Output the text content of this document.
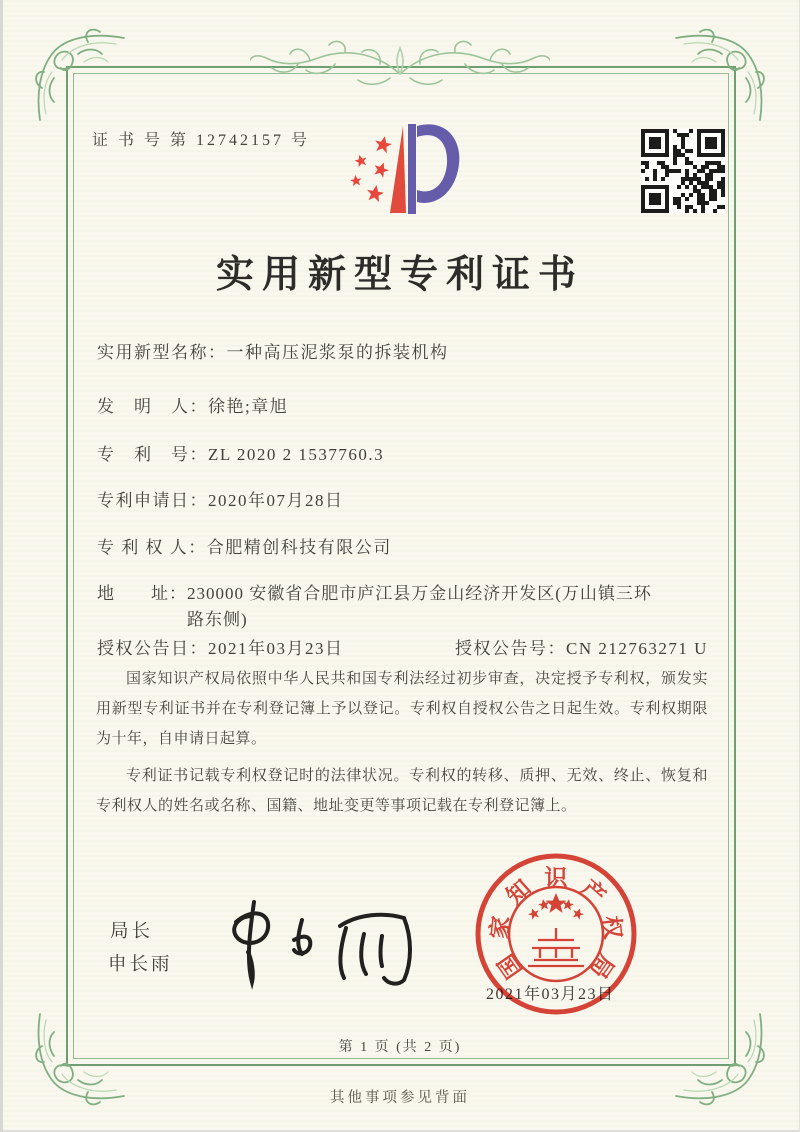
证 书 号 第 12742157 号
实用新型专利证书
实用新型名称：一种高压泥浆泵的拆装机构
发　明　人：徐艳;章旭
专　利　号：ZL 2020 2 1537760.3
专利申请日：2020年07月28日
专 利 权 人：合肥精创科技有限公司
地　　址： 230000 安徽省合肥市庐江县万金山经济开发区(万山镇三环路东侧)
授权公告日：2021年03月23日	授权公告号：CN 212763271 U

国家知识产权局依照中华人民共和国专利法经过初步审查，决定授予专利权，颁发实用新型专利证书并在专利登记簿上予以登记。专利权自授权公告之日起生效。专利权期限为十年，自申请日起算。

专利证书记载专利权登记时的法律状况。专利权的转移、质押、无效、终止、恢复和专利权人的姓名或名称、国籍、地址变更等事项记载在专利登记簿上。

局长
申长雨
2021年03月23日
国
家
知 识 产
权
局
第 1 页 (共 2 页)
其他事项参见背面
